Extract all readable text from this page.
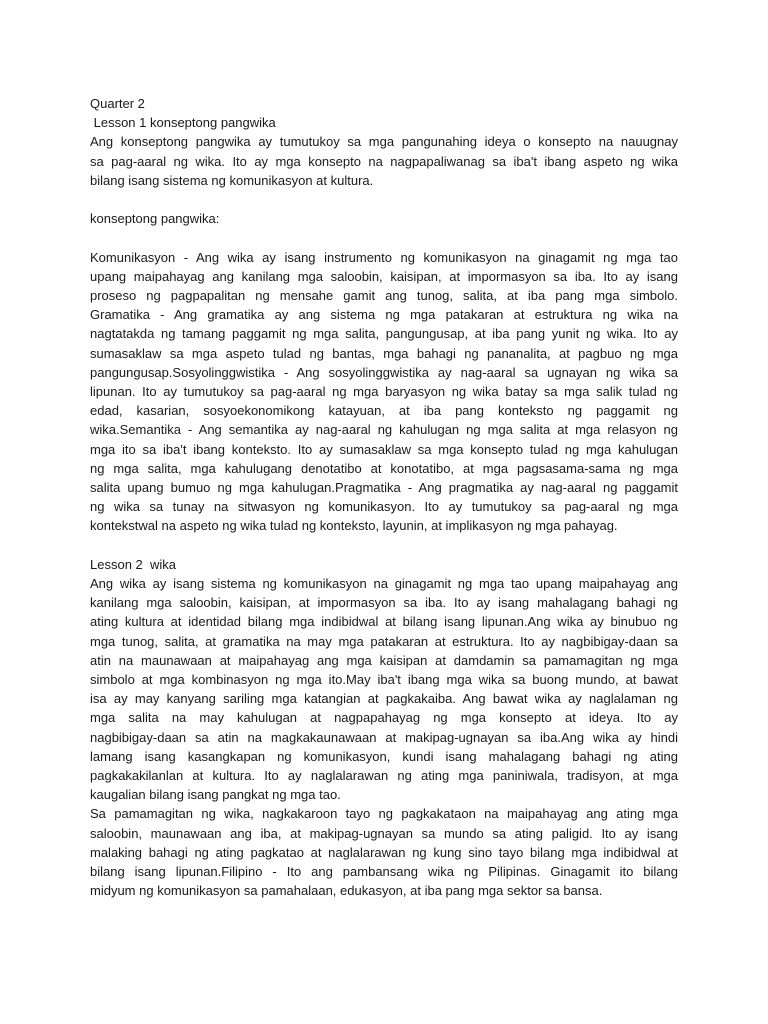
Quarter 2
Lesson 1 konseptong pangwika
Ang konseptong pangwika ay tumutukoy sa mga pangunahing ideya o konsepto na nauugnay
sa pag-aaral ng wika. Ito ay mga konsepto na nagpapaliwanag sa iba't ibang aspeto ng wika
bilang isang sistema ng komunikasyon at kultura.
konseptong pangwika:
Komunikasyon - Ang wika ay isang instrumento ng komunikasyon na ginagamit ng mga tao
upang maipahayag ang kanilang mga saloobin, kaisipan, at impormasyon sa iba. Ito ay isang
proseso ng pagpapalitan ng mensahe gamit ang tunog, salita, at iba pang mga simbolo.
Gramatika - Ang gramatika ay ang sistema ng mga patakaran at estruktura ng wika na
nagtatakda ng tamang paggamit ng mga salita, pangungusap, at iba pang yunit ng wika. Ito ay
sumasaklaw sa mga aspeto tulad ng bantas, mga bahagi ng pananalita, at pagbuo ng mga
pangungusap.Sosyolinggwistika - Ang sosyolinggwistika ay nag-aaral sa ugnayan ng wika sa
lipunan. Ito ay tumutukoy sa pag-aaral ng mga baryasyon ng wika batay sa mga salik tulad ng
edad, kasarian, sosyoekonomikong katayuan, at iba pang konteksto ng paggamit ng
wika.Semantika - Ang semantika ay nag-aaral ng kahulugan ng mga salita at mga relasyon ng
mga ito sa iba't ibang konteksto. Ito ay sumasaklaw sa mga konsepto tulad ng mga kahulugan
ng mga salita, mga kahulugang denotatibo at konotatibo, at mga pagsasama-sama ng mga
salita upang bumuo ng mga kahulugan.Pragmatika - Ang pragmatika ay nag-aaral ng paggamit
ng wika sa tunay na sitwasyon ng komunikasyon. Ito ay tumutukoy sa pag-aaral ng mga
kontekstwal na aspeto ng wika tulad ng konteksto, layunin, at implikasyon ng mga pahayag.
Lesson 2  wika
Ang wika ay isang sistema ng komunikasyon na ginagamit ng mga tao upang maipahayag ang
kanilang mga saloobin, kaisipan, at impormasyon sa iba. Ito ay isang mahalagang bahagi ng
ating kultura at identidad bilang mga indibidwal at bilang isang lipunan.Ang wika ay binubuo ng
mga tunog, salita, at gramatika na may mga patakaran at estruktura. Ito ay nagbibigay-daan sa
atin na maunawaan at maipahayag ang mga kaisipan at damdamin sa pamamagitan ng mga
simbolo at mga kombinasyon ng mga ito.May iba't ibang mga wika sa buong mundo, at bawat
isa ay may kanyang sariling mga katangian at pagkakaiba. Ang bawat wika ay naglalaman ng
mga salita na may kahulugan at nagpapahayag ng mga konsepto at ideya. Ito ay
nagbibigay-daan sa atin na magkakaunawaan at makipag-ugnayan sa iba.Ang wika ay hindi
lamang isang kasangkapan ng komunikasyon, kundi isang mahalagang bahagi ng ating
pagkakakilanlan at kultura. Ito ay naglalarawan ng ating mga paniniwala, tradisyon, at mga
kaugalian bilang isang pangkat ng mga tao.
Sa pamamagitan ng wika, nagkakaroon tayo ng pagkakataon na maipahayag ang ating mga
saloobin, maunawaan ang iba, at makipag-ugnayan sa mundo sa ating paligid. Ito ay isang
malaking bahagi ng ating pagkatao at naglalarawan ng kung sino tayo bilang mga indibidwal at
bilang isang lipunan.Filipino - Ito ang pambansang wika ng Pilipinas. Ginagamit ito bilang
midyum ng komunikasyon sa pamahalaan, edukasyon, at iba pang mga sektor sa bansa.
